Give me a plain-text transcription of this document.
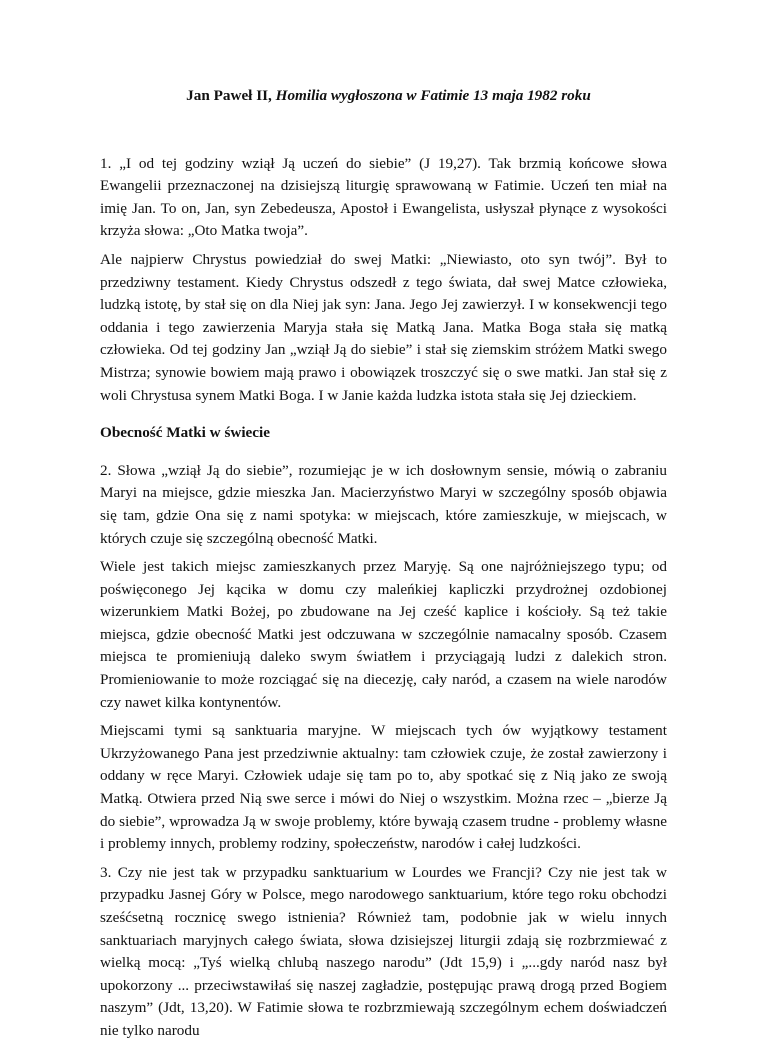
Jan Paweł II, Homilia wygłoszona w Fatimie 13 maja 1982 roku

1. „I od tej godziny wziął Ją uczeń do siebie” (J 19,27). Tak brzmią końcowe słowa Ewangelii przeznaczonej na dzisiejszą liturgię sprawowaną w Fatimie. Uczeń ten miał na imię Jan. To on, Jan, syn Zebedeusza, Apostoł i Ewangelista, usłyszał płynące z wysokości krzyża słowa: „Oto Matka twoja”.

Ale najpierw Chrystus powiedział do swej Matki: „Niewiasto, oto syn twój”. Był to przedziwny testament. Kiedy Chrystus odszedł z tego świata, dał swej Matce człowieka, ludzką istotę, by stał się on dla Niej jak syn: Jana. Jego Jej zawierzył. I w konsekwencji tego oddania i tego zawierzenia Maryja stała się Matką Jana. Matka Boga stała się matką człowieka. Od tej godziny Jan „wziął Ją do siebie” i stał się ziemskim stróżem Matki swego Mistrza; synowie bowiem mają prawo i obowiązek troszczyć się o swe matki. Jan stał się z woli Chrystusa synem Matki Boga. I w Janie każda ludzka istota stała się Jej dzieckiem.

Obecność Matki w świecie

2. Słowa „wziął Ją do siebie”, rozumiejąc je w ich dosłownym sensie, mówią o zabraniu Maryi na miejsce, gdzie mieszka Jan. Macierzyństwo Maryi w szczególny sposób objawia się tam, gdzie Ona się z nami spotyka: w miejscach, które zamieszkuje, w miejscach, w których czuje się szczególną obecność Matki.

Wiele jest takich miejsc zamieszkanych przez Maryję. Są one najróżniejszego typu; od poświęconego Jej kącika w domu czy maleńkiej kapliczki przydrożnej ozdobionej wizerunkiem Matki Bożej, po zbudowane na Jej cześć kaplice i kościoły. Są też takie miejsca, gdzie obecność Matki jest odczuwana w szczególnie namacalny sposób. Czasem miejsca te promieniują daleko swym światłem i przyciągają ludzi z dalekich stron. Promieniowanie to może rozciągać się na diecezję, cały naród, a czasem na wiele narodów czy nawet kilka kontynentów.

Miejscami tymi są sanktuaria maryjne. W miejscach tych ów wyjątkowy testament Ukrzyżowanego Pana jest przedziwnie aktualny: tam człowiek czuje, że został zawierzony i oddany w ręce Maryi. Człowiek udaje się tam po to, aby spotkać się z Nią jako ze swoją Matką. Otwiera przed Nią swe serce i mówi do Niej o wszystkim. Można rzec – „bierze Ją do siebie”, wprowadza Ją w swoje problemy, które bywają czasem trudne - problemy własne i problemy innych, problemy rodziny, społeczeństw, narodów i całej ludzkości.

3. Czy nie jest tak w przypadku sanktuarium w Lourdes we Francji? Czy nie jest tak w przypadku Jasnej Góry w Polsce, mego narodowego sanktuarium, które tego roku obchodzi sześćsetną rocznicę swego istnienia? Również tam, podobnie jak w wielu innych sanktuariach maryjnych całego świata, słowa dzisiejszej liturgii zdają się rozbrzmiewać z wielką mocą: „Tyś wielką chlubą naszego narodu” (Jdt 15,9) i „...gdy naród nasz był upokorzony ... przeciwstawiłaś się naszej zagładzie, postępując prawą drogą przed Bogiem naszym” (Jdt, 13,20). W Fatimie słowa te rozbrzmiewają szczególnym echem doświadczeń nie tylko narodu
